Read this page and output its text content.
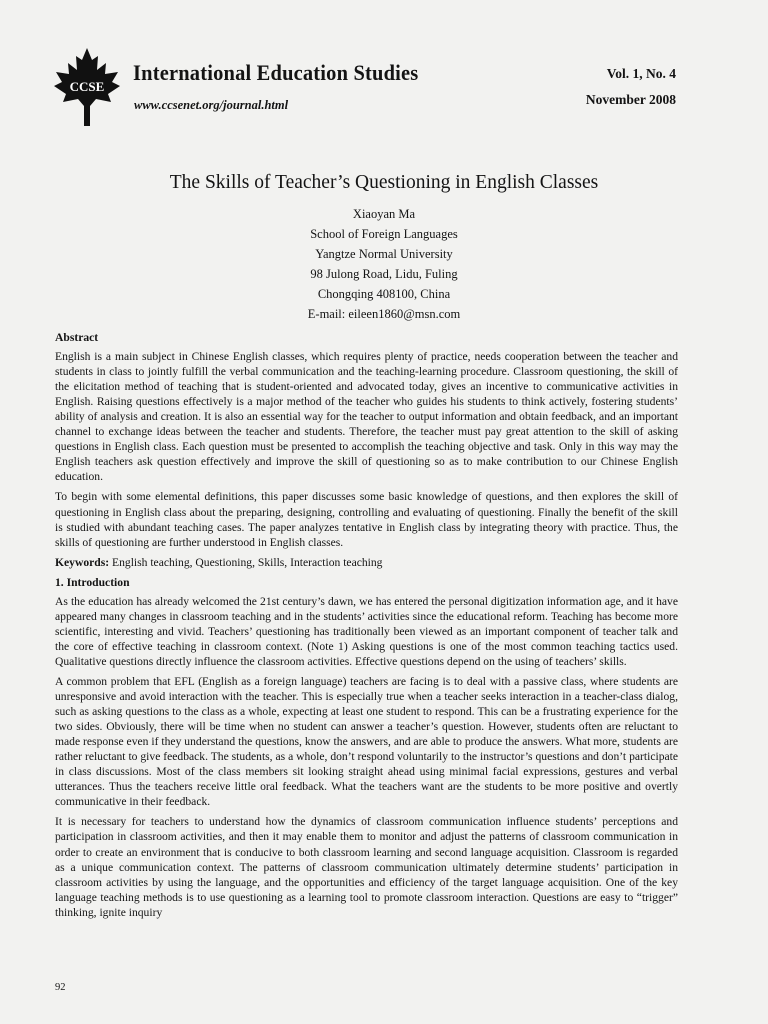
CCSE
International Education Studies
www.ccsenet.org/journal.html
Vol. 1, No. 4
November 2008
The Skills of Teacher’s Questioning in English Classes

Xiaoyan Ma

School of Foreign Languages

Yangtze Normal University

98 Julong Road, Lidu, Fuling

Chongqing 408100, China

E-mail: eileen1860@msn.com

Abstract

English is a main subject in Chinese English classes, which requires plenty of practice, needs cooperation between the teacher and students in class to jointly fulfill the verbal communication and the teaching-learning procedure. Classroom questioning, the skill of the elicitation method of teaching that is student-oriented and advocated today, gives an incentive to communicative activities in English. Raising questions effectively is a major method of the teacher who guides his students to think actively, fostering students’ ability of analysis and creation. It is also an essential way for the teacher to output information and obtain feedback, and an important channel to exchange ideas between the teacher and students. Therefore, the teacher must pay great attention to the skill of asking questions in English class. Each question must be presented to accomplish the teaching objective and task. Only in this way may the English teachers ask question effectively and improve the skill of questioning so as to make contribution to our Chinese English education.

To begin with some elemental definitions, this paper discusses some basic knowledge of questions, and then explores the skill of questioning in English class about the preparing, designing, controlling and evaluating of questioning. Finally the benefit of the skill is studied with abundant teaching cases. The paper analyzes tentative in English class by integrating theory with practice. Thus, the skills of questioning are further understood in English classes.

Keywords: English teaching, Questioning, Skills, Interaction teaching

1. Introduction

As the education has already welcomed the 21st century’s dawn, we has entered the personal digitization information age, and it have appeared many changes in classroom teaching and in the students’ activities since the educational reform. Teaching has become more scientific, interesting and vivid. Teachers’ questioning has traditionally been viewed as an important component of teacher talk and the core of effective teaching in classroom context. (Note 1) Asking questions is one of the most common teaching tactics used. Qualitative questions directly influence the classroom activities. Effective questions depend on the using of teachers’ skills.

A common problem that EFL (English as a foreign language) teachers are facing is to deal with a passive class, where students are unresponsive and avoid interaction with the teacher. This is especially true when a teacher seeks interaction in a teacher-class dialog, such as asking questions to the class as a whole, expecting at least one student to respond. This can be a frustrating experience for the two sides. Obviously, there will be time when no student can answer a teacher’s question. However, students often are reluctant to made response even if they understand the questions, know the answers, and are able to produce the answers. What more, students are rather reluctant to give feedback. The students, as a whole, don’t respond voluntarily to the instructor’s questions and don’t participate in class discussions. Most of the class members sit looking straight ahead using minimal facial expressions, gestures and verbal utterances. Thus the teachers receive little oral feedback. What the teachers want are the students to be more positive and overtly communicative in their feedback.

It is necessary for teachers to understand how the dynamics of classroom communication influence students’ perceptions and participation in classroom activities, and then it may enable them to monitor and adjust the patterns of classroom communication in order to create an environment that is conducive to both classroom learning and second language acquisition. Classroom is regarded as a unique communication context. The patterns of classroom communication ultimately determine students’ participation in classroom activities by using the language, and the opportunities and efficiency of the target language acquisition. One of the key language teaching methods is to use questioning as a learning tool to promote classroom interaction. Questions are easy to “trigger” thinking, ignite inquiry

92
